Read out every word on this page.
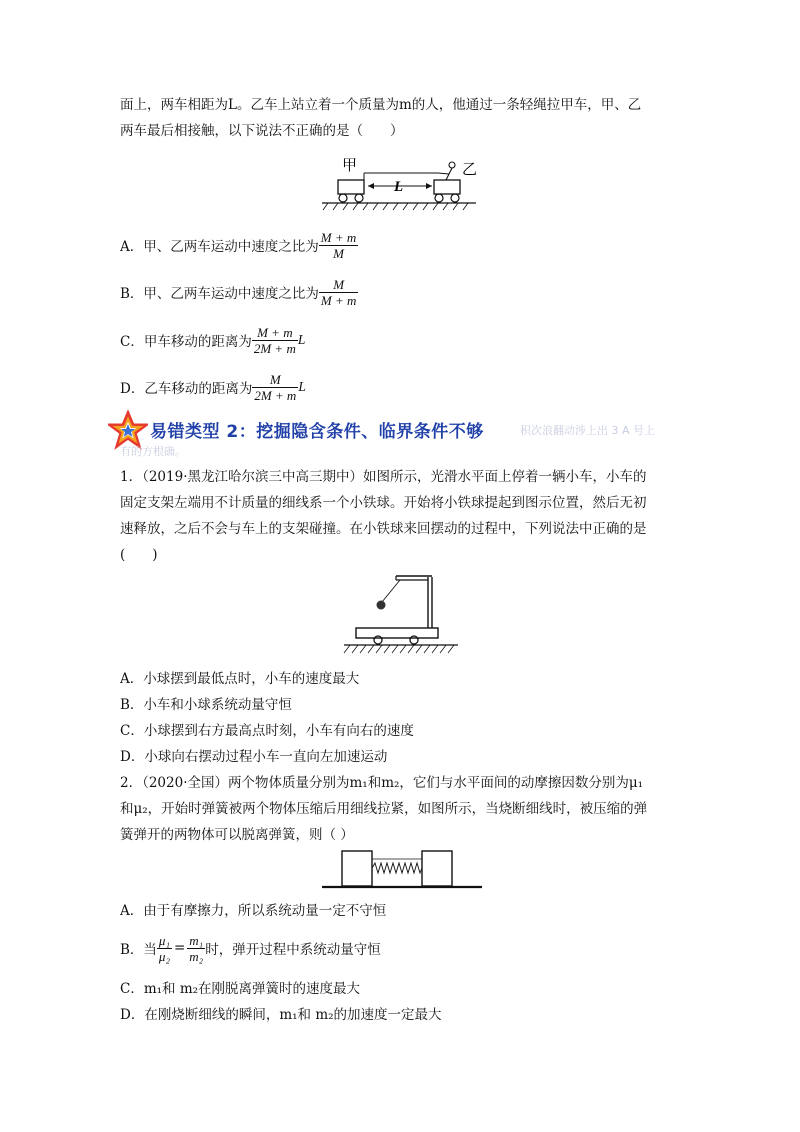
面上，两车相距为L。乙车上站立着一个质量为m的人，他通过一条轻绳拉甲车，甲、乙
两车最后相接触，以下说法不正确的是（　　）
甲	乙
L
A．甲、乙两车运动中速度之比为 $\frac{M + m}{M}$
B．甲、乙两车运动中速度之比为 $\frac{M}{M + m}$
C．甲车移动的距离为 $\frac{M + m}{2M + m}$ L
D．乙车移动的距离为 $\frac{M}{2M + m}$ L
易错类型 2：挖掘隐含条件、临界条件不够	积次浪翻动涉上出 3 A 号上
有的方根确。
1．（2019·黑龙江哈尔滨三中高三期中）如图所示，光滑水平面上停着一辆小车，小车的
固定支架左端用不计质量的细线系一个小铁球。开始将小铁球提起到图示位置，然后无初
速释放，之后不会与车上的支架碰撞。在小铁球来回摆动的过程中，下列说法中正确的是
(　　)
A．小球摆到最低点时，小车的速度最大
B．小车和小球系统动量守恒
C．小球摆到右方最高点时刻，小车有向右的速度
D．小球向右摆动过程小车一直向左加速运动
2．（2020·全国）两个物体质量分别为m₁和m₂，它们与水平面间的动摩擦因数分别为μ₁
和μ₂，开始时弹簧被两个物体压缩后用细线拉紧，如图所示，当烧断细线时，被压缩的弹
簧弹开的两物体可以脱离弹簧，则（ ）
A．由于有摩擦力，所以系统动量一定不守恒
B．当 $\frac{\text{μ₁}}{\text{μ₂}} = \frac{\text{m₁}}{\text{m₂}}$ 时，弹开过程中系统动量守恒
C．m₁和 m₂在刚脱离弹簧时的速度最大
D．在刚烧断细线的瞬间，m₁和 m₂的加速度一定最大
